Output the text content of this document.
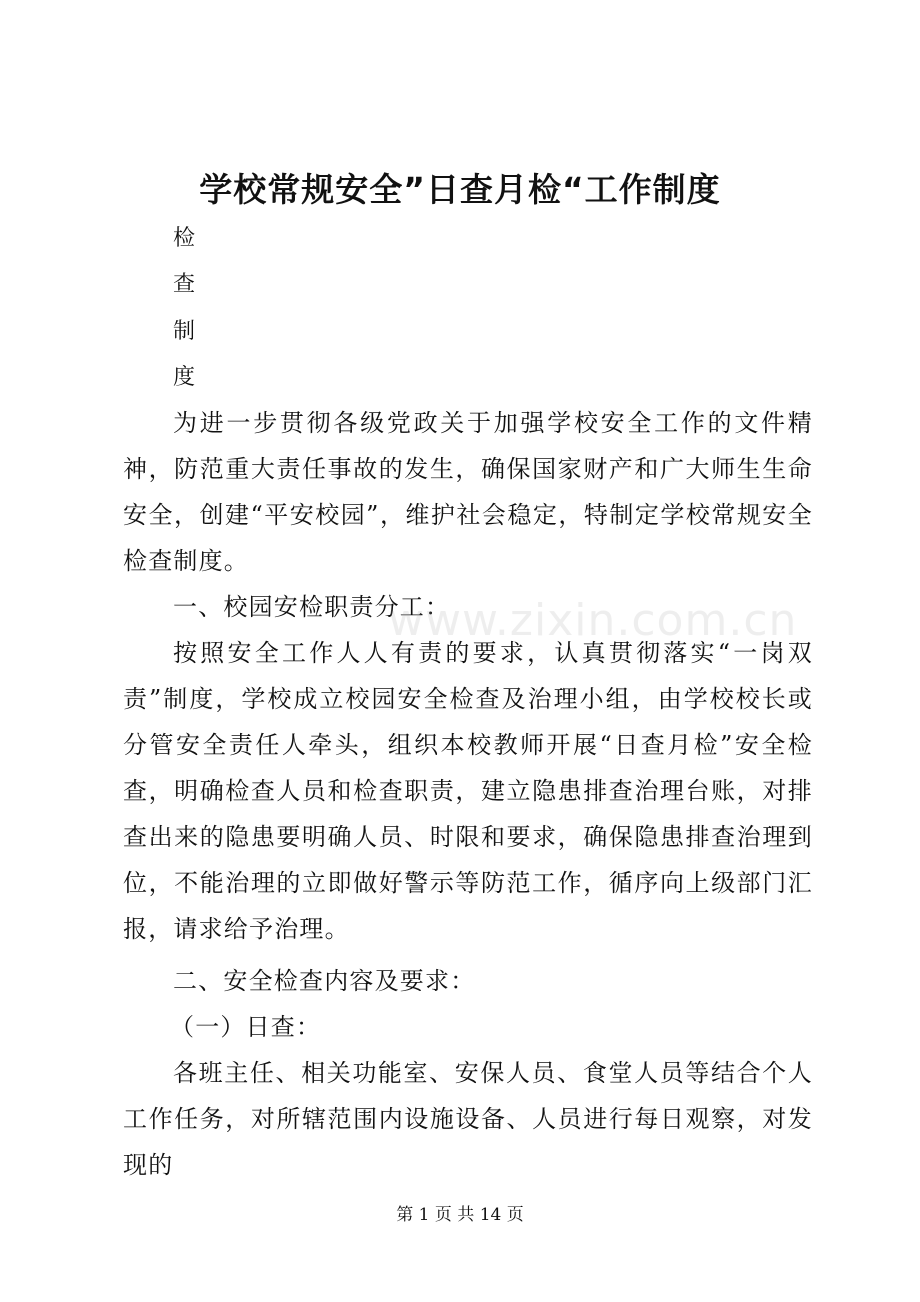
学校常规安全”日查月检“工作制度

检

查

制

度

为进一步贯彻各级党政关于加强学校安全工作的文件精神，防范重大责任事故的发生，确保国家财产和广大师生生命安全，创建“平安校园”，维护社会稳定，特制定学校常规安全检查制度。

一、校园安检职责分工：

按照安全工作人人有责的要求，认真贯彻落实“一岗双责”制度，学校成立校园安全检查及治理小组，由学校校长或分管安全责任人牵头，组织本校教师开展“日查月检”安全检查，明确检查人员和检查职责，建立隐患排查治理台账，对排查出来的隐患要明确人员、时限和要求，确保隐患排查治理到位，不能治理的立即做好警示等防范工作，循序向上级部门汇报，请求给予治理。

二、安全检查内容及要求：

（一）日查：

各班主任、相关功能室、安保人员、食堂人员等结合个人工作任务，对所辖范围内设施设备、人员进行每日观察，对发现的

www.zixin.com.cn

第 1 页 共 14 页
